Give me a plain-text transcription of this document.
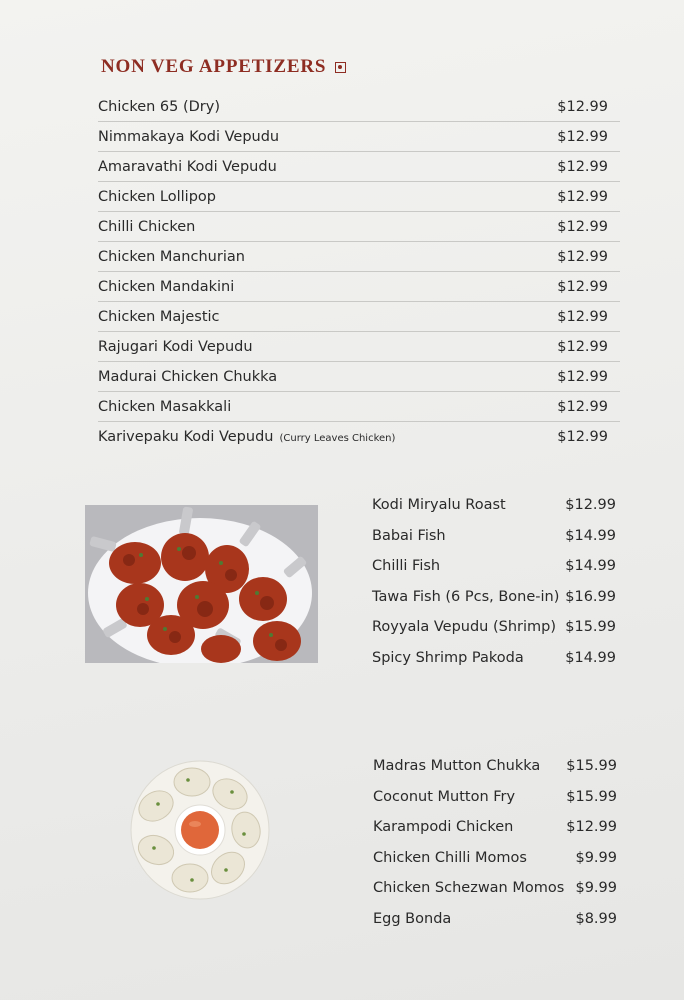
NON VEG APPETIZERS
Chicken 65 (Dry)	$12.99
Nimmakaya Kodi Vepudu	$12.99
Amaravathi Kodi Vepudu	$12.99
Chicken Lollipop	$12.99
Chilli Chicken	$12.99
Chicken Manchurian	$12.99
Chicken Mandakini	$12.99
Chicken Majestic	$12.99
Rajugari Kodi Vepudu	$12.99
Madurai Chicken Chukka	$12.99
Chicken Masakkali	$12.99
Karivepaku Kodi Vepudu (Curry Leaves Chicken)	$12.99
Kodi Miryalu Roast	$12.99
Babai Fish	$14.99
Chilli Fish	$14.99
Tawa Fish (6 Pcs, Bone-in) $16.99
Royyala Vepudu (Shrimp) $15.99
Spicy Shrimp Pakoda	$14.99
Madras Mutton Chukka $15.99
Coconut Mutton Fry	$15.99
Karampodi Chicken	$12.99
Chicken Chilli Momos	$9.99
Chicken Schezwan Momos $9.99
Egg Bonda	$8.99
